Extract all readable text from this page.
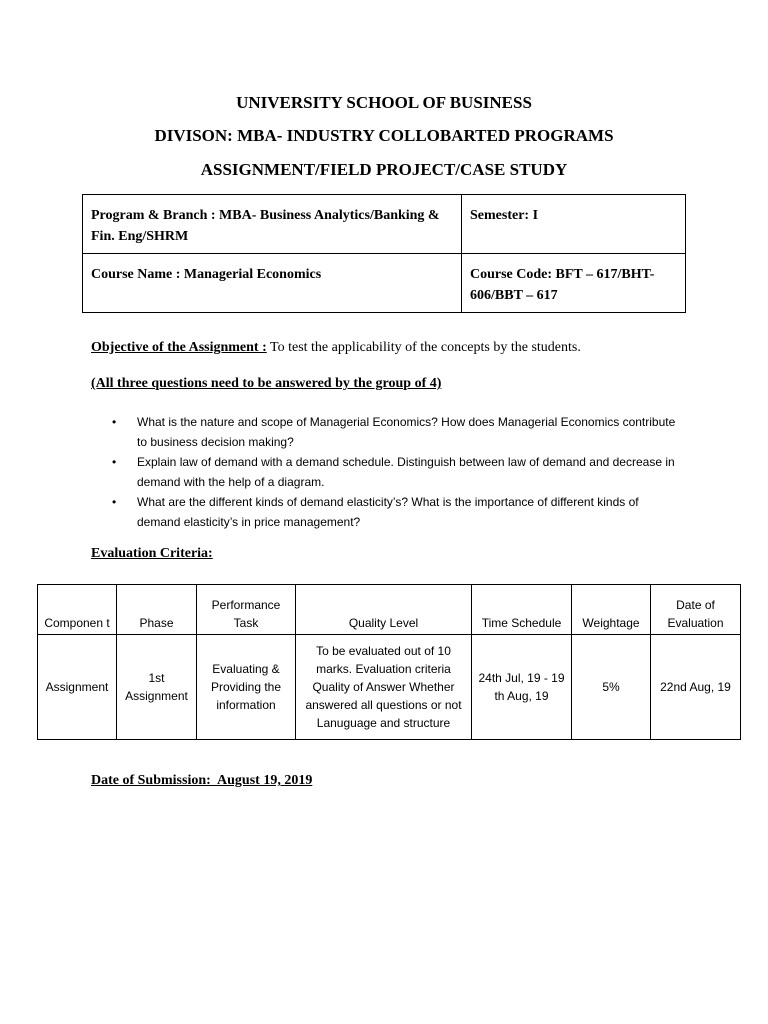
UNIVERSITY SCHOOL OF BUSINESS
DIVISON: MBA- INDUSTRY COLLOBARTED PROGRAMS
ASSIGNMENT/FIELD PROJECT/CASE STUDY
Program & Branch : MBA- Business Analytics/Banking & Fin. Eng/SHRM	Semester: I
Course Name : Managerial Economics	Course Code: BFT – 617/BHT-606/BBT – 617
Objective of the Assignment : To test the applicability of the concepts by the students.
(All three questions need to be answered by the group of 4)
• What is the nature and scope of Managerial Economics? How does Managerial Economics contribute to business decision making?
• Explain law of demand with a demand schedule. Distinguish between law of demand and decrease in demand with the help of a diagram.
• What are the different kinds of demand elasticity’s? What is the importance of different kinds of demand elasticity’s in price management?
Evaluation Criteria:
Componen t	Phase	Performance Task	Quality Level	Time Schedule	Weightage	Date of Evaluation
Assignment	1st Assignment	Evaluating & Providing the information	To be evaluated out of 10 marks. Evaluation criteria Quality of Answer Whether answered all questions or not Lanuguage and structure	24th Jul, 19 - 19 th Aug, 19	5%	22nd Aug, 19
Date of Submission:  August 19, 2019
